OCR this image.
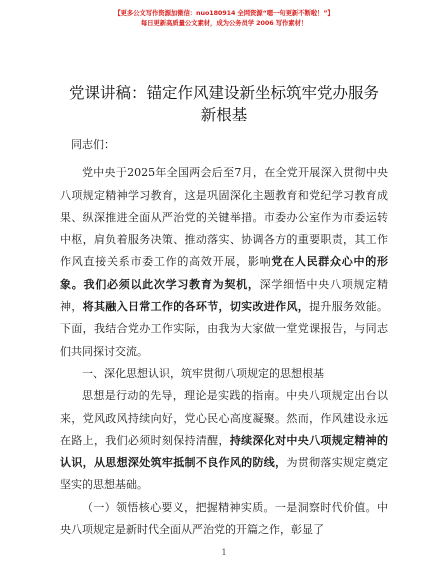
【更多公文写作资源加微信：nuo180914 全网资源“嗯一句更新不断啦！”】
每日更新高质量公文素材，成为公务员学 2006 写作素材！
党课讲稿：锚定作风建设新坐标筑牢党办服务
新根基

同志们：

党中央于2025年全国两会后至7月，在全党开展深入贯彻中央八项规定精神学习教育，这是巩固深化主题教育和党纪学习教育成果、纵深推进全面从严治党的关键举措。市委办公室作为市委运转中枢，肩负着服务决策、推动落实、协调各方的重要职责，其工作作风直接关系市委工作的高效开展，影响党在人民群众心中的形象。我们必须以此次学习教育为契机，深学细悟中央八项规定精神，将其融入日常工作的各环节，切实改进作风，提升服务效能。下面，我结合党办工作实际，由我为大家做一堂党课报告，与同志们共同探讨交流。

一、深化思想认识，筑牢贯彻八项规定的思想根基

思想是行动的先导，理论是实践的指南。中央八项规定出台以来，党风政风持续向好，党心民心高度凝聚。然而，作风建设永远在路上，我们必须时刻保持清醒，持续深化对中央八项规定精神的认识，从思想深处筑牢抵制不良作风的防线，为贯彻落实规定奠定坚实的思想基础。

（一）领悟核心要义，把握精神实质。一是洞察时代价值。中央八项规定是新时代全面从严治党的开篇之作，彰显了

1
